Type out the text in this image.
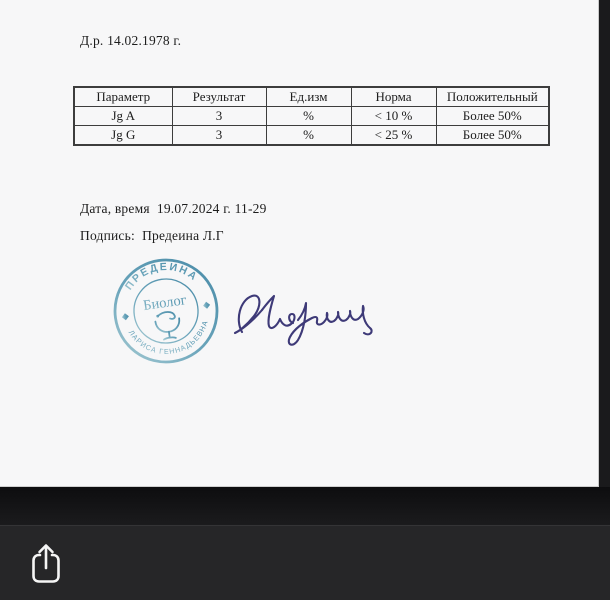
Д.р. 14.02.1978 г.
Параметр	Результат	Ед.изм	Норма	Положительный
Jg A	3	%	< 10 %	Более 50%
Jg G	3	%	< 25 %	Более 50%
Дата, время  19.07.2024 г. 11-29
Подпись:  Предеина Л.Г
ПРЕДЕИНА
ЛАРИСА ГЕННАДЬЕВНА
Биолог
